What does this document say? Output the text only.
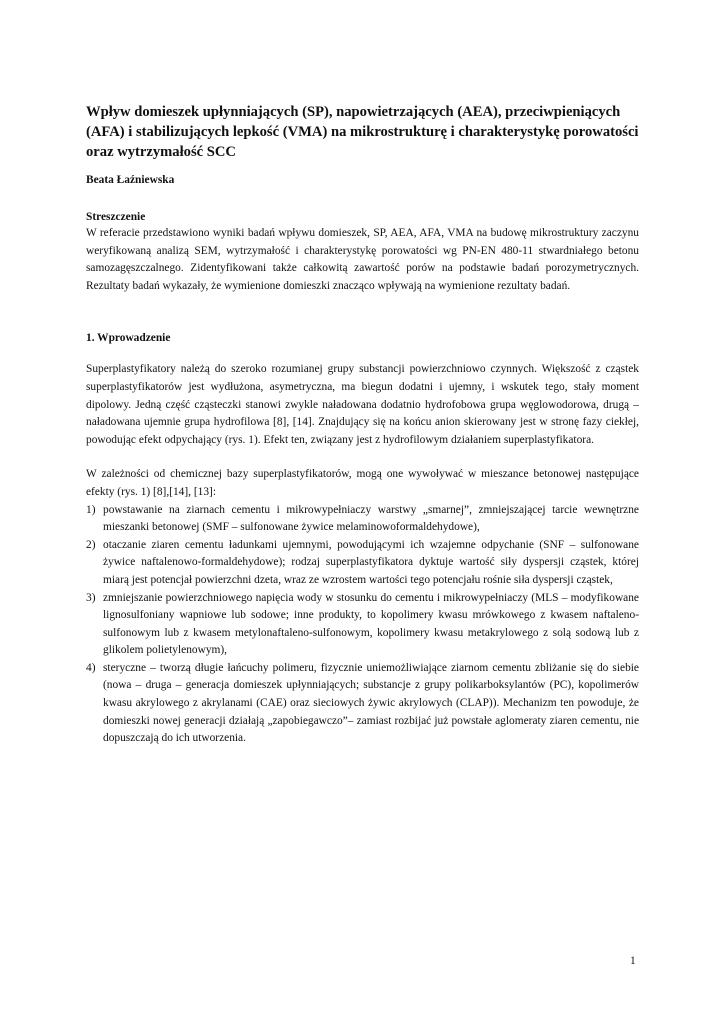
Wpływ domieszek upłynniających (SP), napowietrzających (AEA), przeciwpieniących (AFA) i stabilizujących lepkość (VMA) na mikrostrukturę i charakterystykę porowatości oraz wytrzymałość SCC
Beata Łaźniewska
Streszczenie

W referacie przedstawiono wyniki badań wpływu domieszek, SP, AEA, AFA, VMA na budowę mikrostruktury zaczynu weryfikowaną analizą SEM, wytrzymałość i charakterystykę porowatości wg PN-EN 480-11 stwardniałego betonu samozagęszczalnego. Zidentyfikowani także całkowitą zawartość porów na podstawie badań porozymetrycznych. Rezultaty badań wykazały, że wymienione domieszki znacząco wpływają na wymienione rezultaty badań.

1. Wprowadzenie

Superplastyfikatory należą do szeroko rozumianej grupy substancji powierzchniowo czynnych. Większość z cząstek superplastyfikatorów jest wydłużona, asymetryczna, ma biegun dodatni i ujemny, i wskutek tego, stały moment dipolowy. Jedną część cząsteczki stanowi zwykle naładowana dodatnio hydrofobowa grupa węglowodorowa, drugą – naładowana ujemnie grupa hydrofilowa [8], [14]. Znajdujący się na końcu anion skierowany jest w stronę fazy ciekłej, powodując efekt odpychający (rys. 1). Efekt ten, związany jest z hydrofilowym działaniem superplastyfikatora.

W zależności od chemicznej bazy superplastyfikatorów, mogą one wywoływać w mieszance betonowej następujące efekty (rys. 1) [8],[14], [13]:

1) powstawanie na ziarnach cementu i mikrowypełniaczy warstwy „smarnej”, zmniejszającej tarcie wewnętrzne mieszanki betonowej (SMF – sulfonowane żywice melaminowoformaldehydowe),
2) otaczanie ziaren cementu ładunkami ujemnymi, powodującymi ich wzajemne odpychanie (SNF – sulfonowane żywice naftalenowo-formaldehydowe); rodzaj superplastyfikatora dyktuje wartość siły dyspersji cząstek, której miarą jest potencjał powierzchni dzeta, wraz ze wzrostem wartości tego potencjału rośnie siła dyspersji cząstek,
3) zmniejszanie powierzchniowego napięcia wody w stosunku do cementu i mikrowypełniaczy (MLS – modyfikowane lignosulfoniany wapniowe lub sodowe; inne produkty, to kopolimery kwasu mrówkowego z kwasem naftaleno-sulfonowym lub z kwasem metylonaftaleno-sulfonowym, kopolimery kwasu metakrylowego z solą sodową lub z glikolem polietylenowym),
4) steryczne – tworzą długie łańcuchy polimeru, fizycznie uniemożliwiające ziarnom cementu zbliżanie się do siebie (nowa – druga – generacja domieszek upłynniających; substancje z grupy polikarboksylantów (PC), kopolimerów kwasu akrylowego z akrylanami (CAE) oraz sieciowych żywic akrylowych (CLAP)). Mechanizm ten powoduje, że domieszki nowej generacji działają „zapobiegawczo”– zamiast rozbijać już powstałe aglomeraty ziaren cementu, nie dopuszczają do ich utworzenia.
1
